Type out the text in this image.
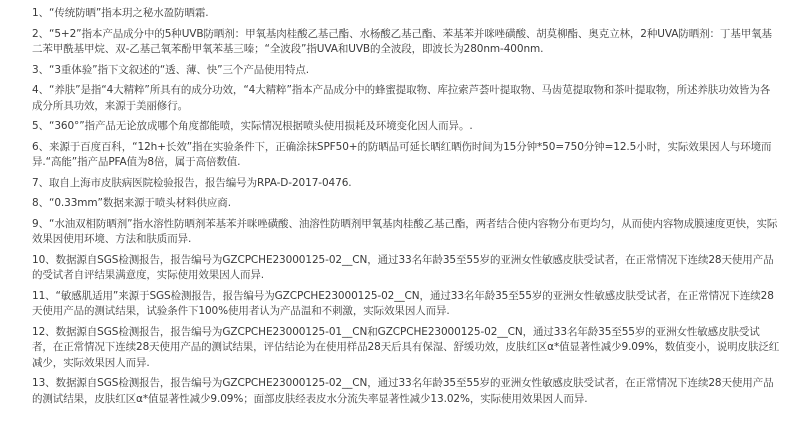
1、“传统防晒”指本玥之秘水盈防晒霜.

2、“5+2”指本产品成分中的5种UVB防晒剂：甲氧基肉桂酸乙基己酯、水杨酸乙基己酯、苯基苯并咪唑磺酸、胡莫柳酯、奥克立林，2种UVA防晒剂：丁基甲氧基二苯甲酰基甲烷、双-乙基己氧苯酚甲氧苯基三嗪；“全波段”指UVA和UVB的全波段，即波长为280nm-400nm.

3、“3重体验”指下文叙述的“透、薄、快”三个产品使用特点.

4、“养肤”是指“4大精粹”所具有的成分功效，“4大精粹”指本产品成分中的蜂蜜提取物、库拉索芦荟叶提取物、马齿苋提取物和茶叶提取物，所述养肤功效皆为各成分所具功效，来源于美丽修行。

5、“360°”指产品无论放成哪个角度都能喷，实际情况根据喷头使用损耗及环境变化因人而异。.

6、来源于百度百科，“12h+长效”指在实验条件下，正确涂抹SPF50+的防晒品可延长晒红晒伤时间为15分钟*50=750分钟=12.5小时，实际效果因人与环境而异.“高能”指产品PFA值为8倍，属于高倍数值.

7、取自上海市皮肤病医院检验报告，报告编号为RPA-D-2017-0476.

8、“0.33mm”数据来源于喷头材料供应商.

9、“水油双相防晒剂”指水溶性防晒剂苯基苯并咪唑磺酸、油溶性防晒剂甲氧基肉桂酸乙基己酯，两者结合使内容物分布更均匀，从而使内容物成膜速度更快，实际效果因使用环境、方法和肤质而异.

10、数据源自SGS检测报告，报告编号为GZCPCHE23000125-02__CN，通过33名年龄35至55岁的亚洲女性敏感皮肤受试者，在正常情况下连续28天使用产品的受试者自评结果满意度，实际使用效果因人而异.

11、“敏感肌适用”来源于SGS检测报告，报告编号为GZCPCHE23000125-02__CN，通过33名年龄35至55岁的亚洲女性敏感皮肤受试者，在正常情况下连续28天使用产品的测试结果，试验条件下100%使用者认为产品温和不刺激，实际效果因人而异.

12、数据源自SGS检测报告，报告编号为GZCPCHE23000125-01__CN和GZCPCHE23000125-02__CN，通过33名年龄35至55岁的亚洲女性敏感皮肤受试者，在正常情况下连续28天使用产品的测试结果，评估结论为在使用样品28天后具有保湿、舒缓功效，皮肤红区α*值显著性减少9.09%，数值变小，说明皮肤泛红减少，实际效果因人而异.

13、数据源自SGS检测报告，报告编号为GZCPCHE23000125-02__CN，通过33名年龄35至55岁的亚洲女性敏感皮肤受试者，在正常情况下连续28天使用产品的测试结果，皮肤红区α*值显著性减少9.09%；面部皮肤经表皮水分流失率显著性减少13.02%，实际使用效果因人而异.
